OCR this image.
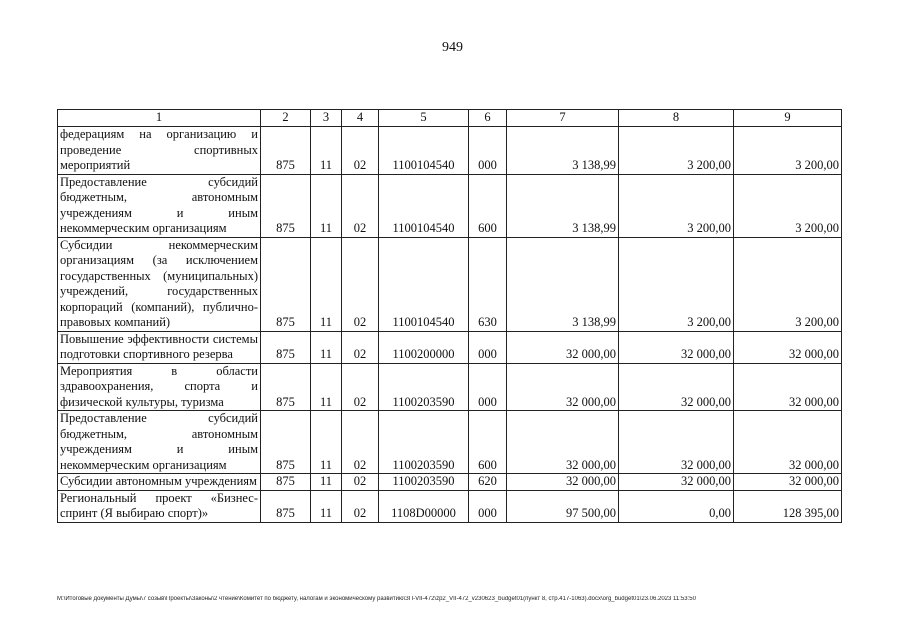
949
1	2	3	4	5	6	7	8	9
федерациям на организацию и проведение спортивных мероприятий	875	11	02	1100104540	000	3 138,99	3 200,00	3 200,00
Предоставление субсидий бюджетным, автономным учреждениям и иным некоммерческим организациям	875	11	02	1100104540	600	3 138,99	3 200,00	3 200,00
Субсидии некоммерческим организациям (за исключением государственных (муниципальных) учреждений, государственных корпораций (компаний), публично-правовых компаний)	875	11	02	1100104540	630	3 138,99	3 200,00	3 200,00
Повышение эффективности системы подготовки спортивного резерва	875	11	02	1100200000	000	32 000,00	32 000,00	32 000,00
Мероприятия в области здравоохранения, спорта и физической культуры, туризма	875	11	02	1100203590	000	32 000,00	32 000,00	32 000,00
Предоставление субсидий бюджетным, автономным учреждениям и иным некоммерческим организациям	875	11	02	1100203590	600	32 000,00	32 000,00	32 000,00
Субсидии автономным учреждениям	875	11	02	1100203590	620	32 000,00	32 000,00	32 000,00
Региональный проект «Бизнес-спринт (Я выбираю спорт)»	875	11	02	1108D00000	000	97 500,00	0,00	128 395,00
М:\Итоговые документы Думы\7 созыв\Проекты\Законы\2 чтение\Комитет по бюджету, налогам и экономическому развитию\ЗП-VII-472\zp2_VII-472_v230623_budget01(пункт 8, стр.417-1063).docx\org_budget01\23.06.2023 11:53:50
